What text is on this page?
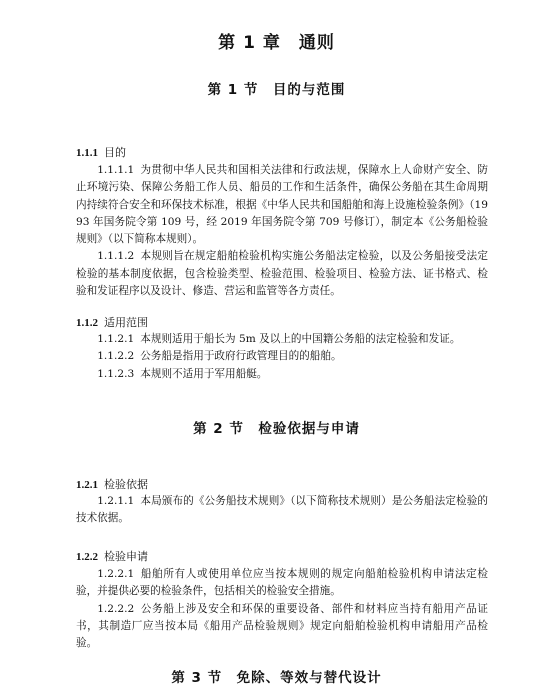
第 1 章　通则
第 1 节　目的与范围
1.1.1 目的
1.1.1.1 为贯彻中华人民共和国相关法律和行政法规，保障水上人命财产安全、防止环境污染、保障公务船工作人员、船员的工作和生活条件，确保公务船在其生命周期内持续符合安全和环保技术标准，根据《中华人民共和国船舶和海上设施检验条例》（1993 年国务院令第 109 号，经 2019 年国务院令第 709 号修订），制定本《公务船检验规则》（以下简称本规则）。
1.1.1.2 本规则旨在规定船舶检验机构实施公务船法定检验，以及公务船接受法定检验的基本制度依据，包含检验类型、检验范围、检验项目、检验方法、证书格式、检验和发证程序以及设计、修造、营运和监管等各方责任。
1.1.2 适用范围
1.1.2.1 本规则适用于船长为 5m 及以上的中国籍公务船的法定检验和发证。
1.1.2.2 公务船是指用于政府行政管理目的的船舶。
1.1.2.3 本规则不适用于军用船艇。
第 2 节　检验依据与申请
1.2.1 检验依据
1.2.1.1 本局颁布的《公务船技术规则》（以下简称技术规则）是公务船法定检验的技术依据。
1.2.2 检验申请
1.2.2.1 船舶所有人或使用单位应当按本规则的规定向船舶检验机构申请法定检验，并提供必要的检验条件，包括相关的检验安全措施。
1.2.2.2 公务船上涉及安全和环保的重要设备、部件和材料应当持有船用产品证书，其制造厂应当按本局《船用产品检验规则》规定向船舶检验机构申请船用产品检验。
第 3 节　免除、等效与替代设计
